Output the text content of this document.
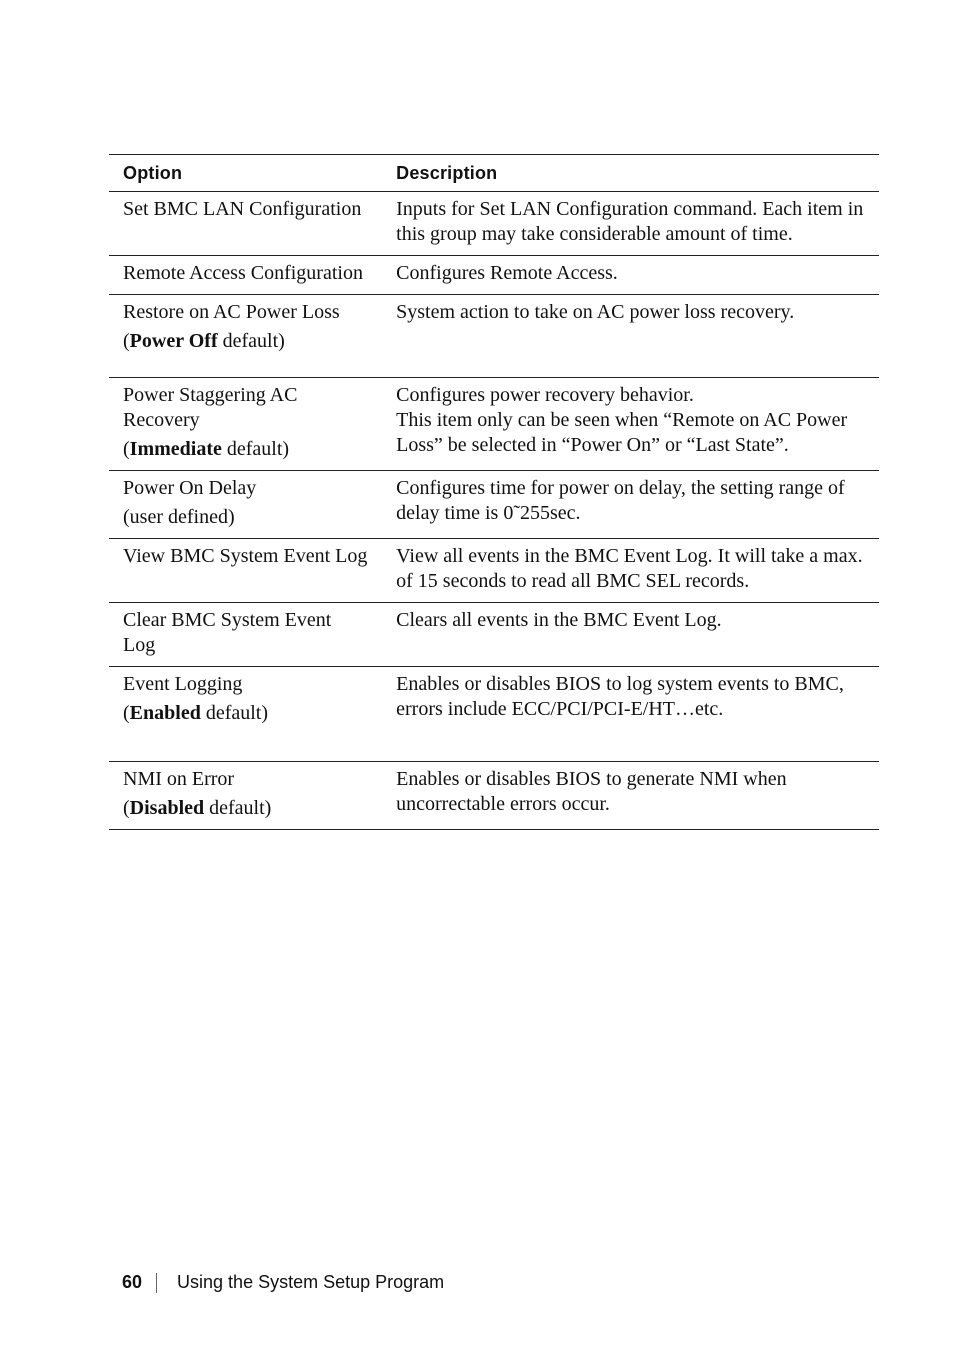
Option	Description
Set BMC LAN Configuration	Inputs for Set LAN Configuration command. Each item in this group may take considerable amount of time.
Remote Access Configuration	Configures Remote Access.

Restore on AC Power Loss
(Power Off default)	System action to take on AC power loss recovery.

Power Staggering AC Recovery
(Immediate default)	Configures power recovery behavior.
This item only can be seen when “Remote on AC Power Loss” be selected in “Power On” or “Last State”.

Power On Delay
(user defined)	Configures time for power on delay, the setting range of delay time is 0˜255sec.
View BMC System Event Log	View all events in the BMC Event Log. It will take a max. of 15 seconds to read all BMC SEL records.
Clear BMC System Event Log	Clears all events in the BMC Event Log.

Event Logging
(Enabled default)	Enables or disables BIOS to log system events to BMC, errors include ECC/PCI/PCI-E/HT…etc.

NMI on Error
(Disabled default)	Enables or disables BIOS to generate NMI when uncorrectable errors occur.
60 Using the System Setup Program
